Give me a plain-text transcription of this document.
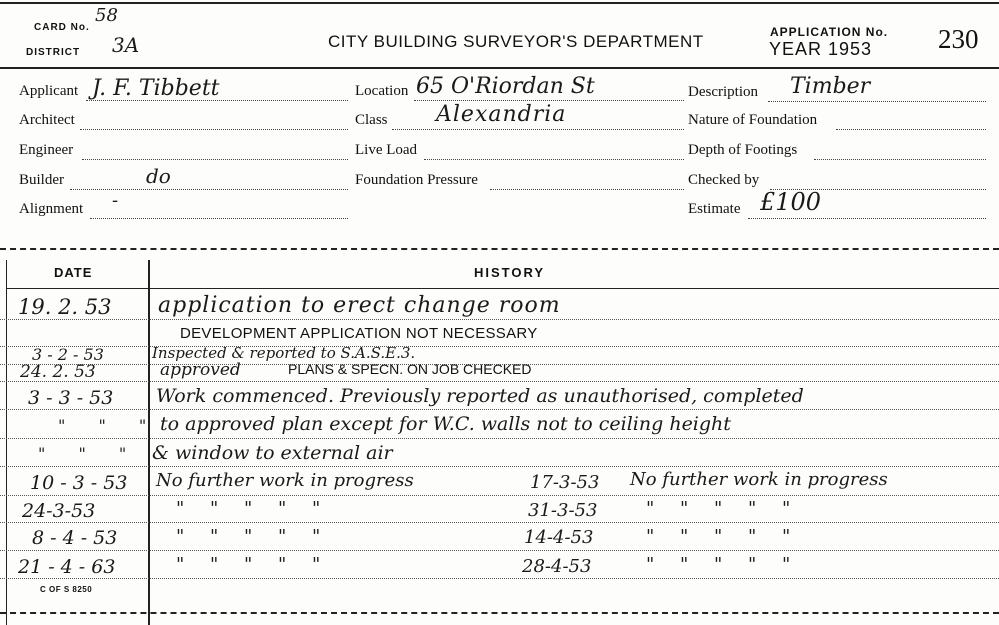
CARD No.
58
DISTRICT 3A	CITY BUILDING SURVEYOR'S DEPARTMENT	APPLICATION No.
YEAR 1953 230
Applicant J. F. Tibbett
Architect
Engineer
Builder	do
Alignment -
Location 65 O'Riordan St
Class Alexandria
Live Load
Foundation Pressure
Description Timber
Nature of Foundation
Depth of Footings
Checked by
Estimate £100
DATE	HISTORY
19. 2. 53 application to erect change room
DEVELOPMENT APPLICATION NOT NECESSARY
3 - 2 - 53	Inspected & reported to S.A.S.E.3.
24. 2. 53	approved	PLANS & SPECN. ON JOB CHECKED
3 - 3 - 53 Work commenced. Previously reported as unauthorised, completed
" " " to approved plan except for W.C. walls not to ceiling height
" " " & window to external air
10 - 3 - 53 No further work in progress	17-3-53 No further work in progress
24-3-53	" " " " "	31-3-53	" " " " "
8 - 4 - 53	" " " " "	14-4-53	" " " " "
21 - 4 - 63	" " " " "	28-4-53	" " " " "
C OF S 8250
